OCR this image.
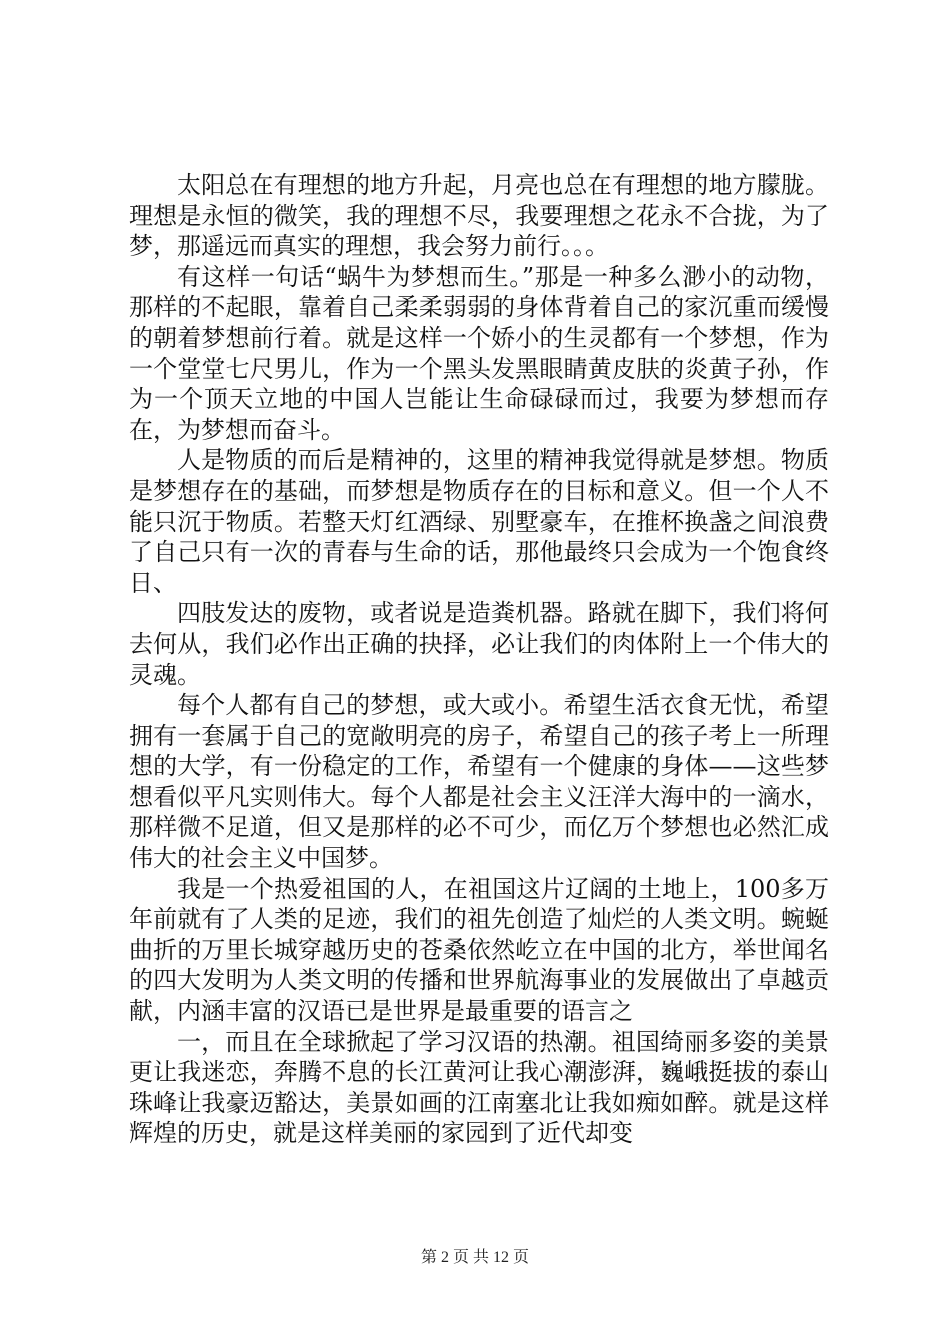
太阳总在有理想的地方升起，月亮也总在有理想的地方朦胧。理想是永恒的微笑，我的理想不尽，我要理想之花永不合拢，为了梦，那遥远而真实的理想，我会努力前行。。。

有这样一句话“蜗牛为梦想而生。”那是一种多么渺小的动物，那样的不起眼，靠着自己柔柔弱弱的身体背着自己的家沉重而缓慢的朝着梦想前行着。就是这样一个娇小的生灵都有一个梦想，作为一个堂堂七尺男儿，作为一个黑头发黑眼睛黄皮肤的炎黄子孙，作为一个顶天立地的中国人岂能让生命碌碌而过，我要为梦想而存在，为梦想而奋斗。

人是物质的而后是精神的，这里的精神我觉得就是梦想。物质是梦想存在的基础，而梦想是物质存在的目标和意义。但一个人不能只沉于物质。若整天灯红酒绿、别墅豪车，在推杯换盏之间浪费了自己只有一次的青春与生命的话，那他最终只会成为一个饱食终日、

四肢发达的废物，或者说是造粪机器。路就在脚下，我们将何去何从，我们必作出正确的抉择，必让我们的肉体附上一个伟大的灵魂。

每个人都有自己的梦想，或大或小。希望生活衣食无忧，希望拥有一套属于自己的宽敞明亮的房子，希望自己的孩子考上一所理想的大学，有一份稳定的工作，希望有一个健康的身体——这些梦想看似平凡实则伟大。每个人都是社会主义汪洋大海中的一滴水，那样微不足道，但又是那样的必不可少，而亿万个梦想也必然汇成伟大的社会主义中国梦。

我是一个热爱祖国的人，在祖国这片辽阔的土地上，100多万年前就有了人类的足迹，我们的祖先创造了灿烂的人类文明。蜿蜒曲折的万里长城穿越历史的苍桑依然屹立在中国的北方，举世闻名的四大发明为人类文明的传播和世界航海事业的发展做出了卓越贡献，内涵丰富的汉语已是世界是最重要的语言之

一，而且在全球掀起了学习汉语的热潮。祖国绮丽多姿的美景更让我迷恋，奔腾不息的长江黄河让我心潮澎湃，巍峨挺拔的泰山珠峰让我豪迈豁达，美景如画的江南塞北让我如痴如醉。就是这样辉煌的历史，就是这样美丽的家园到了近代却变

第 2 页 共 12 页
